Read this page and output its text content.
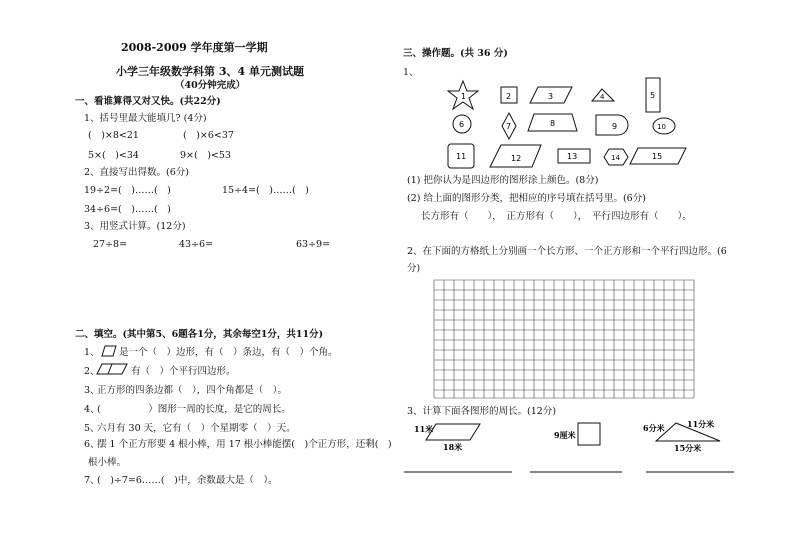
2008-2009 学年度第一学期
小学三年级数学科第 3、4 单元测试题
（40分钟完成）
一、看谁算得又对又快。(共22分)
1、括号里最大能填几? (4分)
(　)×8<21	(　)×6<37
5×(　)<34	9×(　)<53
2、直接写出得数。(6分)
19÷2=(　)……(　)	15÷4=(　)……(　)
34÷6=(　)……(　)
3、用竖式计算。(12分)
27÷8=	43÷6=	63÷9=
二、填空。(其中第5、6题各1分，其余每空1分，共11分)
1、 是一个（　）边形，有（　）条边，有（　）个角。
2、	有（　）个平行四边形。
3、
正方形的四条边都（　），四个角都是（　）。
4、
(　　　　　）图形一周的长度，是它的周长。
5、
六月有 30 天，它有（　）个星期零（　）天。
6、
摆 1 个正方形要 4 根小棒，用 17 根小棒能摆(　)个正方形，还剩(　)
根小棒。
7、
(　)÷7=6……(　)中，余数最大是（　）。
三、操作题。(共 36 分)
1、
1	2	3	4	5
6	7	8	9	10
11	12	13	14	15
(1) 把你认为是四边形的图形涂上颜色。(8分)
(2) 给上面的图形分类，把相应的序号填在括号里。(6分)
长方形有（　　），　正方形有（　　），　平行四边形有（　　）。
2、在下面的方格纸上分别画一个长方形、一个正方形和一个平行四边形。(6
分)
3、计算下面各图形的周长。(12分)
11米
18米
9厘米
6分米	11分米
15分米
